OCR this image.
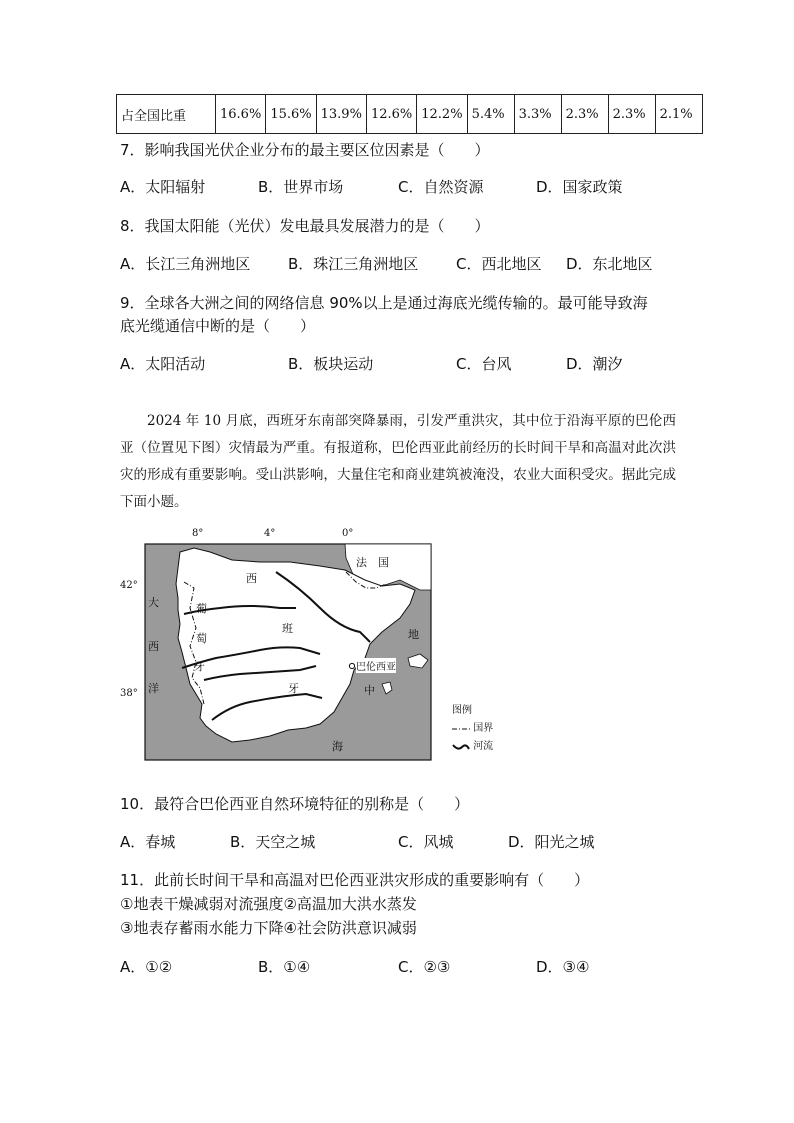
占全国比重	16.6%	15.6%	13.9%	12.6%	12.2%	5.4%	3.3%	2.3%	2.3%	2.1%
7．影响我国光伏企业分布的最主要区位因素是（　　）
A．太阳辐射	B．世界市场	C．自然资源	D．国家政策
8．我国太阳能（光伏）发电最具发展潜力的是（　　）
A．长江三角洲地区	B．珠江三角洲地区	C．西北地区 D．东北地区
9．全球各大洲之间的网络信息 90%以上是通过海底光缆传输的。最可能导致海
底光缆通信中断的是（　　）
A．太阳活动	B．板块运动	C．台风	D．潮汐

2024 年 10 月底，西班牙东南部突降暴雨，引发严重洪灾，其中位于沿海平原的巴伦西亚（位置见下图）灾情最为严重。有报道称，巴伦西亚此前经历的长时间干旱和高温对此次洪灾的形成有重要影响。受山洪影响，大量住宅和商业建筑被淹没，农业大面积受灾。据此完成下面小题。

8°	4°	0°
42°
38°
法　国
西
班
牙
葡
萄
牙
大
西
洋
地
中
海
巴伦西亚
图例
国界
河流
10．最符合巴伦西亚自然环境特征的别称是（　　）
A．春城	B．天空之城	C．风城	D．阳光之城
11．此前长时间干旱和高温对巴伦西亚洪灾形成的重要影响有（　　）
①地表干燥减弱对流强度②高温加大洪水蒸发
③地表存蓄雨水能力下降④社会防洪意识减弱
A．①②	B．①④	C．②③	D．③④
